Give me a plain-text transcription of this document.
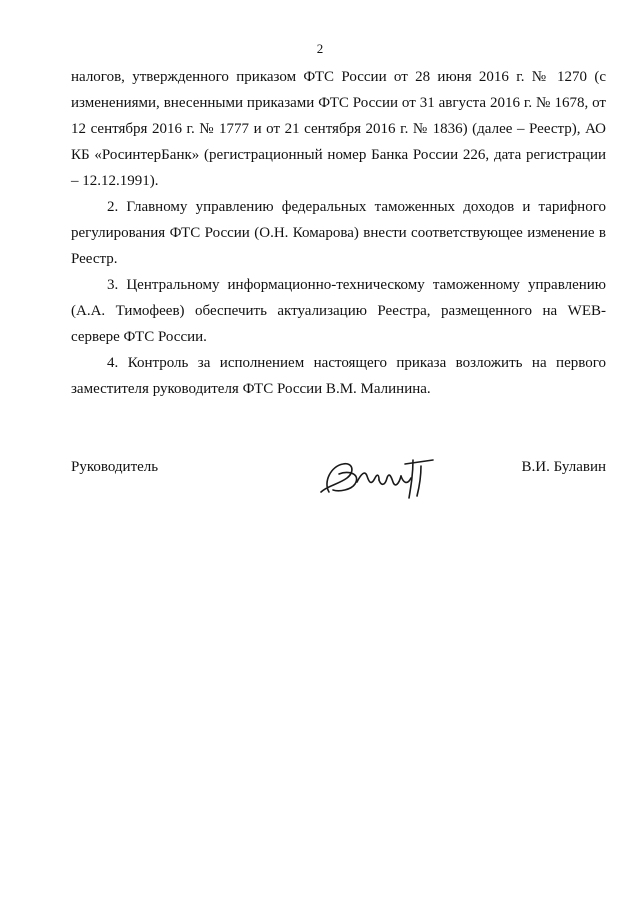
2

налогов, утвержденного приказом ФТС России от 28 июня 2016 г. № 1270 (с изменениями, внесенными приказами ФТС России от 31 августа 2016 г. № 1678, от 12 сентября 2016 г. № 1777 и от 21 сентября 2016 г. № 1836) (далее – Реестр), АО КБ «РосинтерБанк» (регистрационный номер Банка России 226, дата регистрации – 12.12.1991).

2. Главному управлению федеральных таможенных доходов и тарифного регулирования ФТС России (О.Н. Комарова) внести соответствующее изменение в Реестр.

3. Центральному информационно-техническому таможенному управлению (А.А. Тимофеев) обеспечить актуализацию Реестра, размещенного на WEB-сервере ФТС России.

4. Контроль за исполнением настоящего приказа возложить на первого заместителя руководителя ФТС России В.М. Малинина.

Руководитель	В.И. Булавин
